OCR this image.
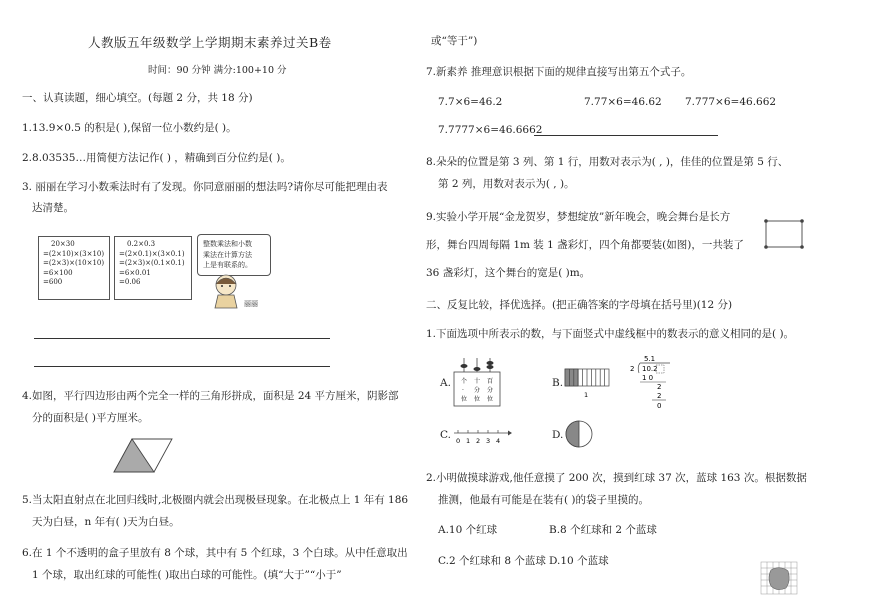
人教版五年级数学上学期期末素养过关B卷
时间：90 分钟 满分:100+10 分
一、认真读题，细心填空。(每题 2 分，共 18 分)
1.13.9×0.5 的积是( ),保留一位小数约是( )。
2.8.03535…用简便方法记作( ) ，精确到百分位约是( )。
3. 丽丽在学习小数乘法时有了发现。你同意丽丽的想法吗?请你尽可能把理由表
达清楚。
20×30
=(2×10)×(3×10)
=(2×3)×(10×10)
=6×100
=600
0.2×0.3
=(2×0.1)×(3×0.1)
=(2×3)×(0.1×0.1)
=6×0.01
=0.06
整数乘法和小数
乘法在计算方法
上是有联系的。
丽丽
4.如图，平行四边形由两个完全一样的三角形拼成，面积是 24 平方厘米，阴影部
分的面积是( )平方厘米。
5.当太阳直射点在北回归线时,北极圈内就会出现极昼现象。在北极点上 1 年有 186
天为白昼，n 年有( )天为白昼。
6.在 1 个不透明的盒子里放有 8 个球，其中有 5 个红球，3 个白球。从中任意取出
1 个球，取出红球的可能性( )取出白球的可能性。(填“大于”“小于”
或“等于”)
7.新素养 推理意识根据下面的规律直接写出第五个式子。
7.7×6=46.2	7.77×6=46.62 7.777×6=46.662
7.7777×6=46.6662
8.朵朵的位置是第 3 列、第 1 行，用数对表示为( , )，佳佳的位置是第 5 行、
第 2 列，用数对表示为( , )。
9.实验小学开展“金龙贺岁，梦想绽放”新年晚会，晚会舞台是长方
形，舞台四周每隔 1m 装 1 盏彩灯，四个角都要装(如图)，一共装了
36 盏彩灯，这个舞台的宽是( )m。
二、反复比较，择优选择。(把正确答案的字母填在括号里)(12 分)
1.下面选项中所表示的数，与下面竖式中虚线框中的数表示的意义相同的是( )。
A. 个 十 百
· 分 分
位 位 位
B.
1
5.1
2 10.2
1 0
2
2
0
C. 0 1 2 3 4	D.
2.小明做摸球游戏,他任意摸了 200 次，摸到红球 37 次，蓝球 163 次。根据数据
推测，他最有可能是在装有( )的袋子里摸的。
A.10 个红球	B.8 个红球和 2 个蓝球
C.2 个红球和 8 个蓝球 D.10 个蓝球
